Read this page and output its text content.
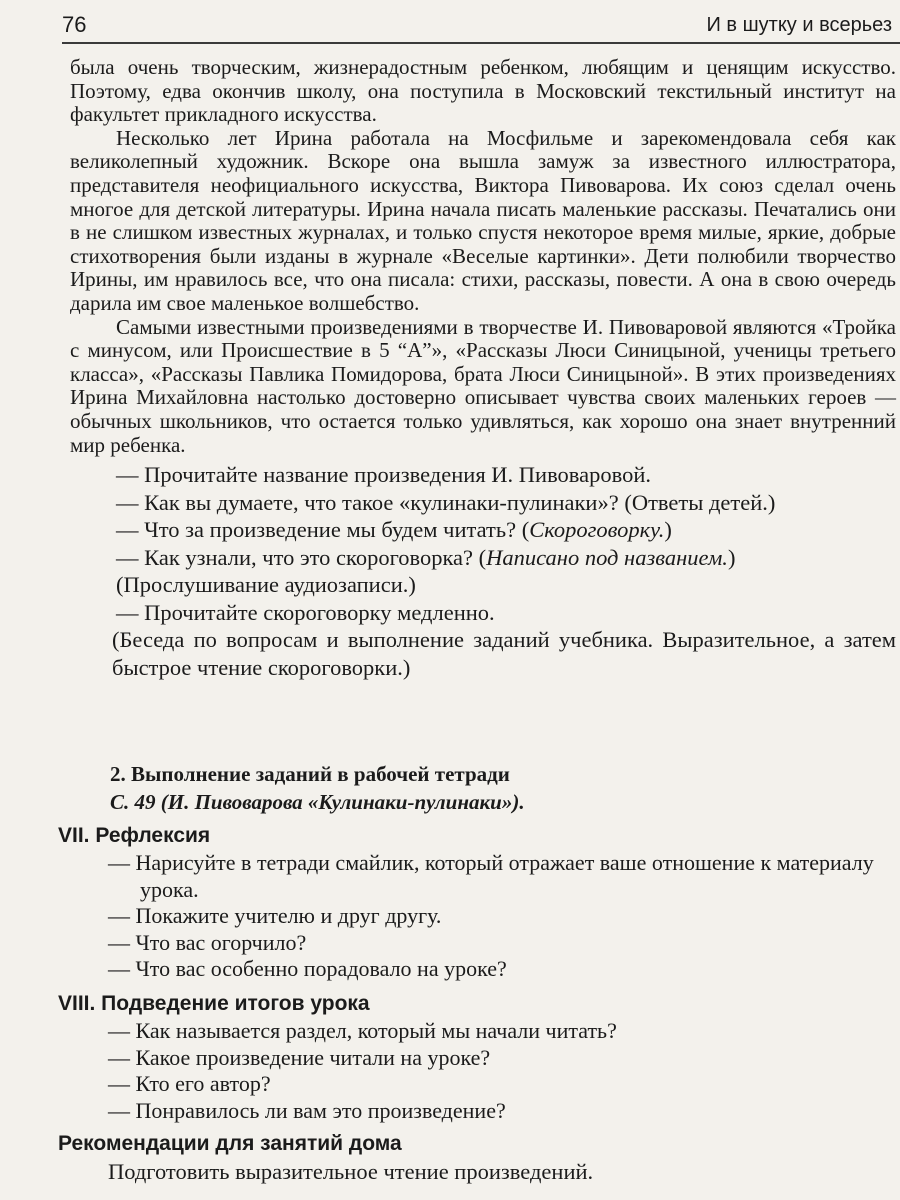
76	И в шутку и всерьез

была очень творческим, жизнерадостным ребенком, любящим и ценящим искусство. Поэтому, едва окончив школу, она поступила в Московский текстильный институт на факультет прикладного искусства.

Несколько лет Ирина работала на Мосфильме и зарекомендовала себя как великолепный художник. Вскоре она вышла замуж за известного иллюстратора, представителя неофициального искусства, Виктора Пивоварова. Их союз сделал очень многое для детской литературы. Ирина начала писать маленькие рассказы. Печатались они в не слишком известных журналах, и только спустя некоторое время милые, яркие, добрые стихотворения были изданы в журнале «Веселые картинки». Дети полюбили творчество Ирины, им нравилось все, что она писала: стихи, рассказы, повести. А она в свою очередь дарила им свое маленькое волшебство.

Самыми известными произведениями в творчестве И. Пивоваровой являются «Тройка с минусом, или Происшествие в 5 “А”», «Рассказы Люси Синицыной, ученицы третьего класса», «Рассказы Павлика Помидорова, брата Люси Синицыной». В этих произведениях Ирина Михайловна настолько достоверно описывает чувства своих маленьких героев — обычных школьников, что остается только удивляться, как хорошо она знает внутренний мир ребенка.

— Прочитайте название произведения И. Пивоваровой.
— Как вы думаете, что такое «кулинаки-пулинаки»? (Ответы детей.)
— Что за произведение мы будем читать? (Скороговорку.)
— Как узнали, что это скороговорка? (Написано под названием.)
(Прослушивание аудиозаписи.)
— Прочитайте скороговорку медленно.
(Беседа по вопросам и выполнение заданий учебника. Выразительное, а затем быстрое чтение скороговорки.)
2. Выполнение заданий в рабочей тетради
С. 49 (И. Пивоварова «Кулинаки-пулинаки»).
VII. Рефлексия
— Нарисуйте в тетради смайлик, который отражает ваше отношение к материалу урока.
— Покажите учителю и друг другу.
— Что вас огорчило?
— Что вас особенно порадовало на уроке?
VIII. Подведение итогов урока
— Как называется раздел, который мы начали читать?
— Какое произведение читали на уроке?
— Кто его автор?
— Понравилось ли вам это произведение?
Рекомендации для занятий дома
Подготовить выразительное чтение произведений.
